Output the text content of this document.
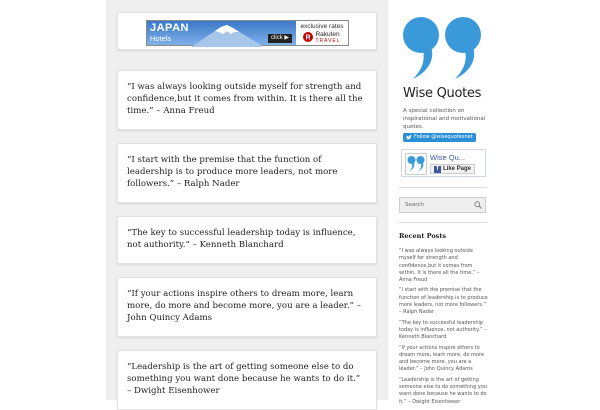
JAPAN
Hotels	click ▶
exclusive rates
R
Rakuten
TRAVEL

“I was always looking outside myself for strength and confidence,but it comes from within. It is there all the time.” – Anna Freud

“I start with the premise that the function of leadership is to produce more leaders, not more followers.” – Ralph Nader

“The key to successful leadership today is influence, not authority.” – Kenneth Blanchard

“If your actions inspire others to dream more, learn more, do more and become more, you are a leader.” – John Quincy Adams

“Leadership is the art of getting someone else to do something you want done because he wants to do it.” – Dwight Eisenhower

Wise Quotes
A special collection on inspirational and motivational quotes.
Follow @wisequotesnet
Wise Qu...
f Like Page
Search
Recent Posts
“I was always looking outside myself for strength and confidence,but it comes from within. It is there all the time.” – Anna Freud
“I start with the premise that the function of leadership is to produce more leaders, not more followers.” – Ralph Nader
“The key to successful leadership today is influence, not authority.” – Kenneth Blanchard
“If your actions inspire others to dream more, learn more, do more and become more, you are a leader.” – John Quincy Adams
“Leadership is the art of getting someone else to do something you want done because he wants to do it.” – Dwight Eisenhower
